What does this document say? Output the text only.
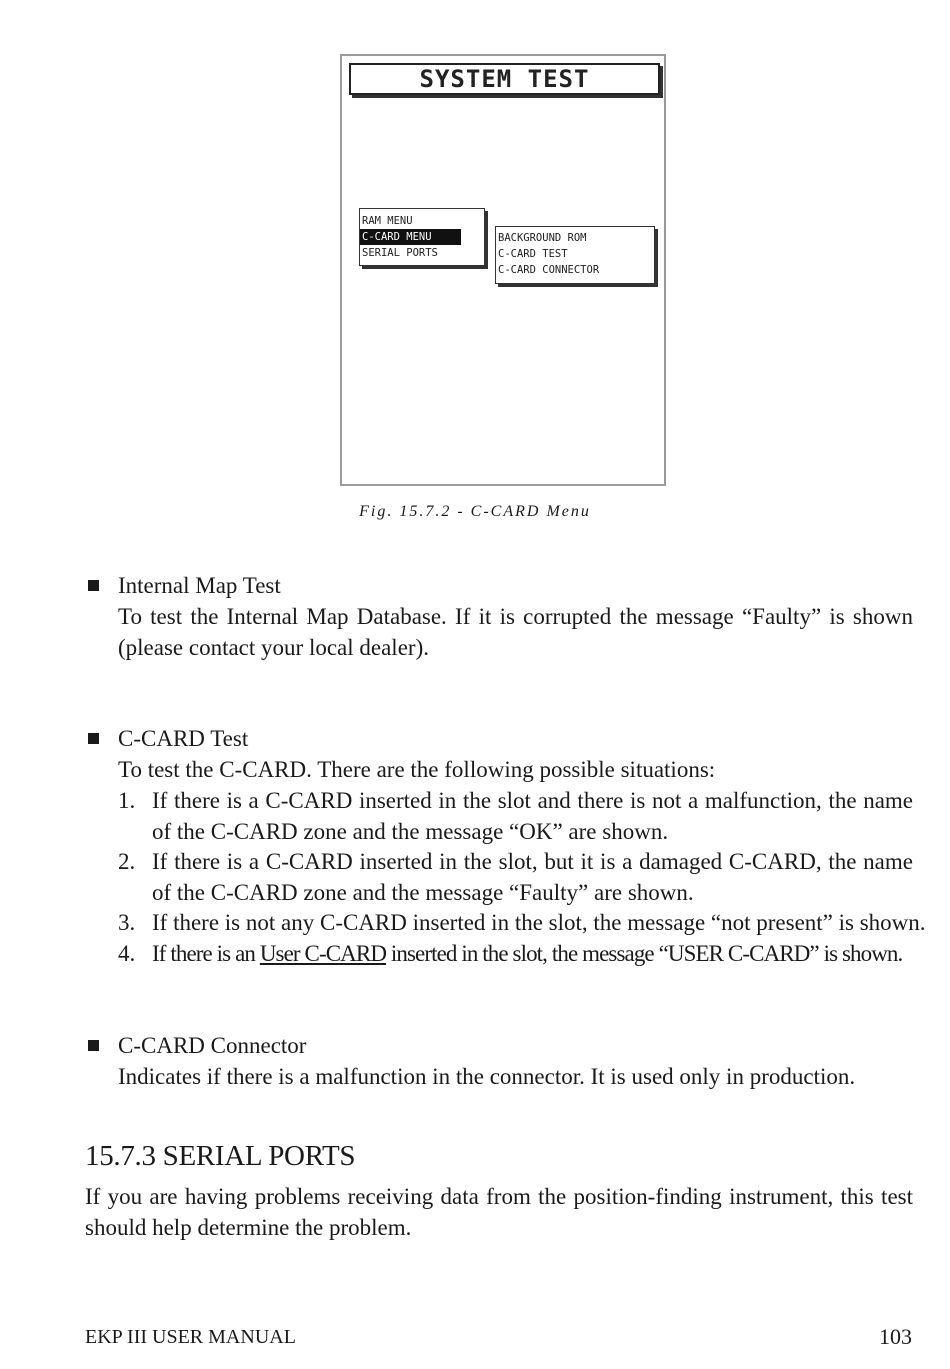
SYSTEM TEST
RAM MENU
C-CARD MENU
SERIAL PORTS
BACKGROUND ROM
C-CARD TEST
C-CARD CONNECTOR
Fig. 15.7.2 - C-CARD Menu
Internal Map Test
To test the Internal Map Database. If it is corrupted the message “Faulty” is shown (please contact your local dealer).
C-CARD Test
To test the C-CARD. There are the following possible situations:
1. If there is a C-CARD inserted in the slot and there is not a malfunction, the name of the C-CARD zone and the message “OK” are shown.
2. If there is a C-CARD inserted in the slot, but it is a damaged C-CARD, the name of the C-CARD zone and the message “Faulty” are shown.
3. If there is not any C-CARD inserted in the slot, the message “not present” is shown.
4. If there is an User C-CARD inserted in the slot, the message “USER C-CARD” is shown.
C-CARD Connector
Indicates if there is a malfunction in the connector. It is used only in production.
15.7.3 SERIAL PORTS
If you are having problems receiving data from the position-finding instrument, this test should help determine the problem.
EKP III USER MANUAL	103
